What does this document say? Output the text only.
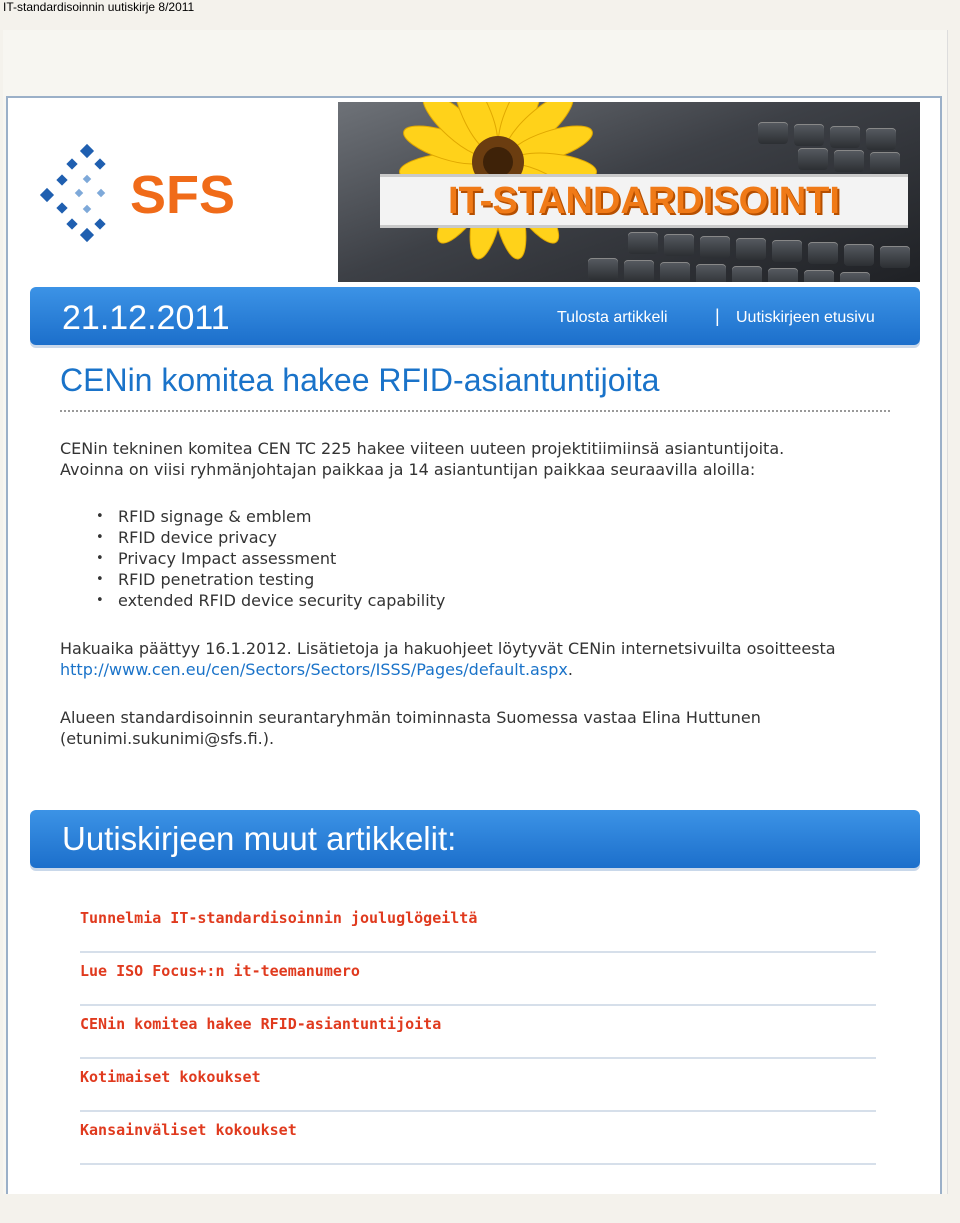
IT-standardisoinnin uutiskirje 8/2011
SFS	IT-STANDARDISOINTI
21.12.2011	Tulosta artikkeli	| Uutiskirjeen etusivu
CENin komitea hakee RFID-asiantuntijoita
CENin tekninen komitea CEN TC 225 hakee viiteen uuteen projektitiimiinsä asiantuntijoita.
Avoinna on viisi ryhmänjohtajan paikkaa ja 14 asiantuntijan paikkaa seuraavilla aloilla:
• RFID signage & emblem
• RFID device privacy
• Privacy Impact assessment
• RFID penetration testing
• extended RFID device security capability
Hakuaika päättyy 16.1.2012. Lisätietoja ja hakuohjeet löytyvät CENin internetsivuilta osoitteesta http://www.cen.eu/cen/Sectors/Sectors/ISSS/Pages/default.aspx.
Alueen standardisoinnin seurantaryhmän toiminnasta Suomessa vastaa Elina Huttunen (etunimi.sukunimi@sfs.fi.).
Uutiskirjeen muut artikkelit:
Tunnelmia IT-standardisoinnin jouluglögeiltä
Lue ISO Focus+:n it-teemanumero
CENin komitea hakee RFID-asiantuntijoita
Kotimaiset kokoukset
Kansainväliset kokoukset
